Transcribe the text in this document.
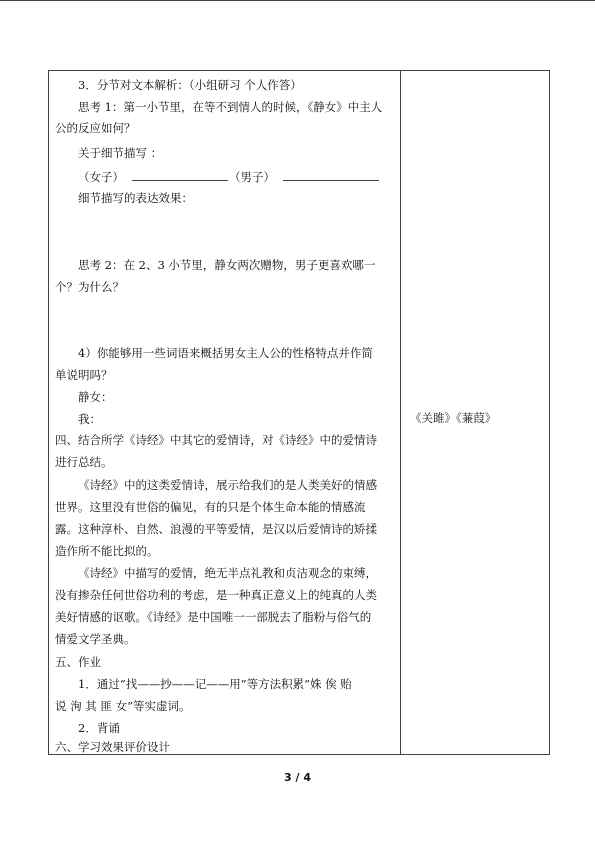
3．分节对文本解析：（小组研习 个人作答）
思考 1：第一小节里，在等不到情人的时候，《静女》中主人
公的反应如何？
关于细节描写 ：
（女子）	（男子）
细节描写的表达效果：
思考 2：在 2、3 小节里，静女两次赠物，男子更喜欢哪一
个？为什么？
4）你能够用一些词语来概括男女主人公的性格特点并作简
单说明吗？
静女：
我：
四、结合所学《诗经》中其它的爱情诗，对《诗经》中的爱情诗
进行总结。
《诗经》中的这类爱情诗，展示给我们的是人类美好的情感
世界。这里没有世俗的偏见，有的只是个体生命本能的情感流
露。这种淳朴、自然、浪漫的平等爱情，是汉以后爱情诗的矫揉
造作所不能比拟的。
《诗经》中描写的爱情，绝无半点礼教和贞洁观念的束缚，
没有掺杂任何世俗功利的考虑，是一种真正意义上的纯真的人类
美好情感的讴歌。《诗经》是中国唯一一部脱去了脂粉与俗气的
情爱文学圣典。
五、作业
1．通过“找——抄——记——用”等方法积累“姝 俟 贻
说 洵 其 匪 女”等实虚词。
2．背诵
六、学习效果评价设计
《关雎》《蒹葭》
3 / 4
